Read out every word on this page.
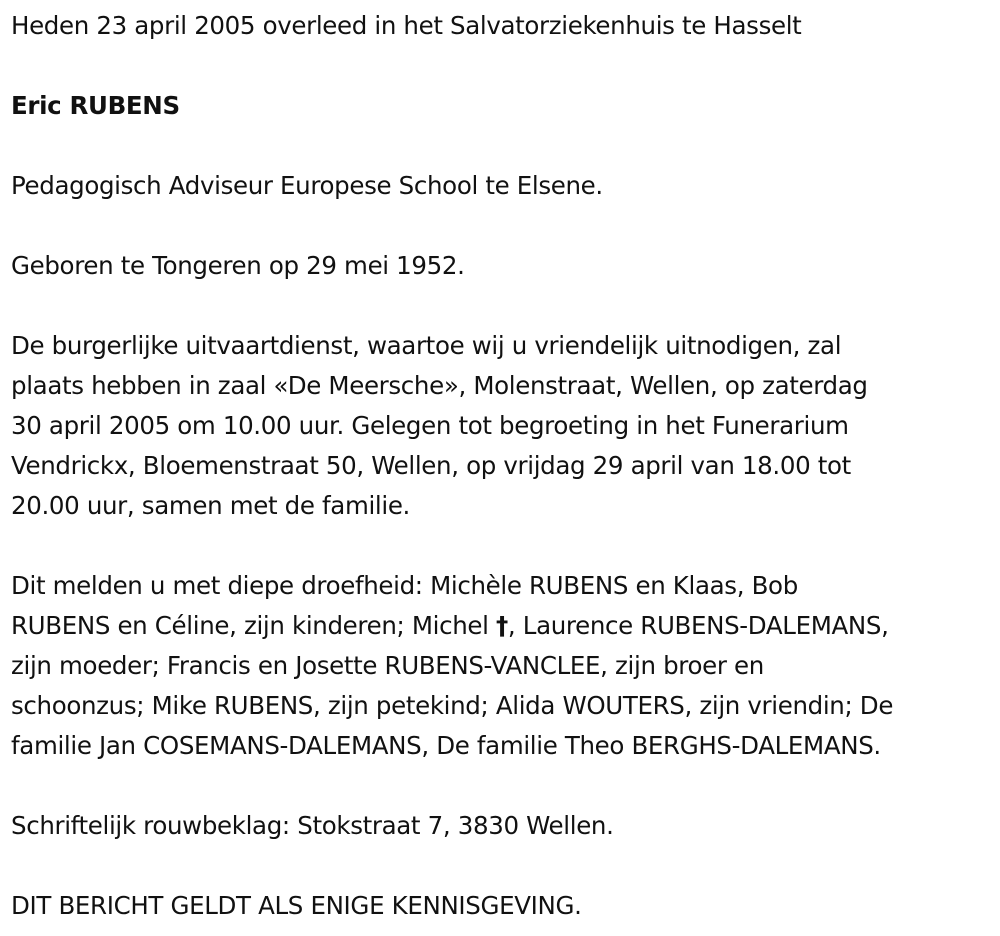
Heden 23 april 2005 overleed in het Salvatorziekenhuis te Hasselt

Eric RUBENS

Pedagogisch Adviseur Europese School te Elsene.

Geboren te Tongeren op 29 mei 1952.

De burgerlijke uitvaartdienst, waartoe wij u vriendelijk uitnodigen, zal
plaats hebben in zaal «De Meersche», Molenstraat, Wellen, op zaterdag
30 april 2005 om 10.00 uur. Gelegen tot begroeting in het Funerarium
Vendrickx, Bloemenstraat 50, Wellen, op vrijdag 29 april van 18.00 tot
20.00 uur, samen met de familie.

Dit melden u met diepe droefheid: Michèle RUBENS en Klaas, Bob
RUBENS en Céline, zijn kinderen; Michel †, Laurence RUBENS-DALEMANS,
zijn moeder; Francis en Josette RUBENS-VANCLEE, zijn broer en
schoonzus; Mike RUBENS, zijn petekind; Alida WOUTERS, zijn vriendin; De
familie Jan COSEMANS-DALEMANS, De familie Theo BERGHS-DALEMANS.

Schriftelijk rouwbeklag: Stokstraat 7, 3830 Wellen.

DIT BERICHT GELDT ALS ENIGE KENNISGEVING.
